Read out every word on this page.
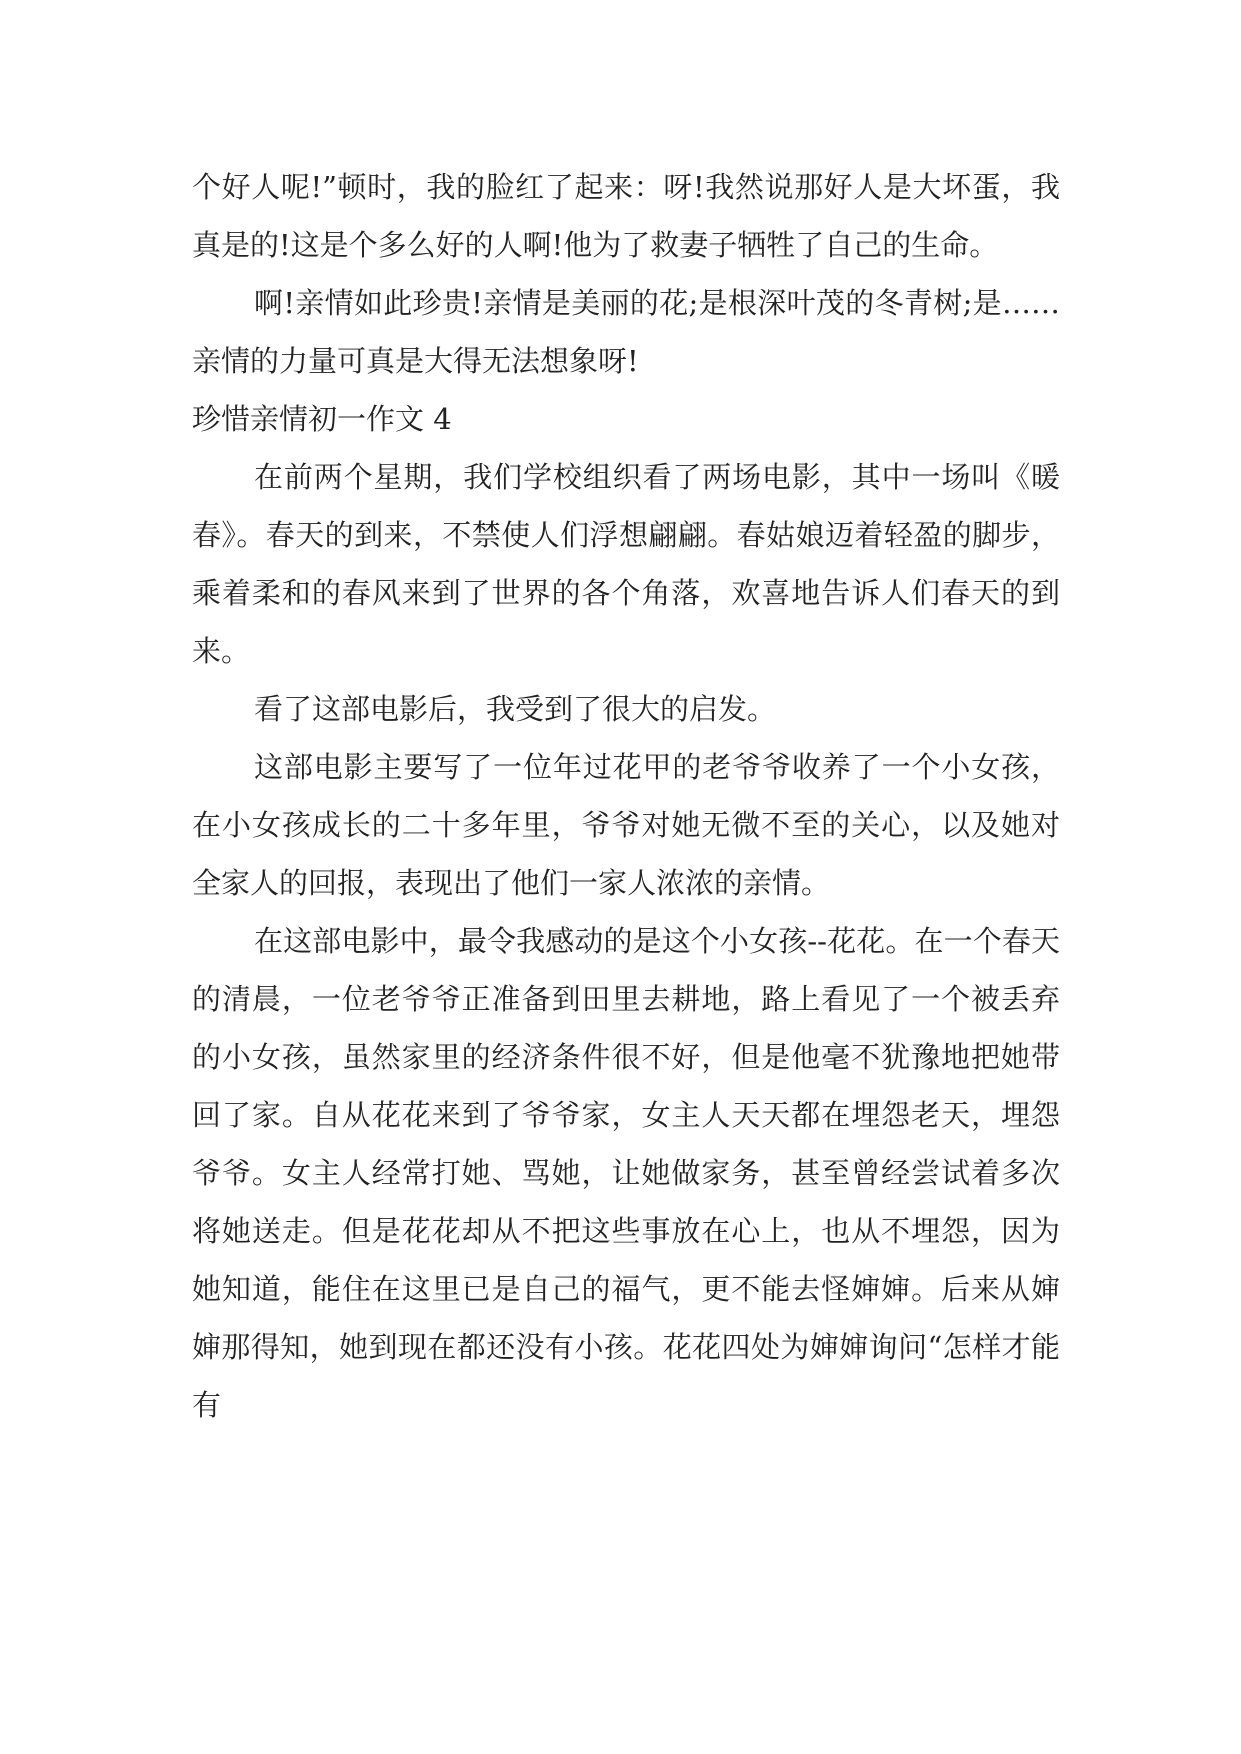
个好人呢!”顿时，我的脸红了起来：呀!我然说那好人是大坏蛋，我真是的!这是个多么好的人啊!他为了救妻子牺牲了自己的生命。

啊!亲情如此珍贵!亲情是美丽的花;是根深叶茂的冬青树;是……亲情的力量可真是大得无法想象呀!

珍惜亲情初一作文 4

在前两个星期，我们学校组织看了两场电影，其中一场叫《暖春》。春天的到来，不禁使人们浮想翩翩。春姑娘迈着轻盈的脚步，乘着柔和的春风来到了世界的各个角落，欢喜地告诉人们春天的到来。

看了这部电影后，我受到了很大的启发。

这部电影主要写了一位年过花甲的老爷爷收养了一个小女孩，在小女孩成长的二十多年里，爷爷对她无微不至的关心，以及她对全家人的回报，表现出了他们一家人浓浓的亲情。

在这部电影中，最令我感动的是这个小女孩--花花。在一个春天的清晨，一位老爷爷正准备到田里去耕地，路上看见了一个被丢弃的小女孩，虽然家里的经济条件很不好，但是他毫不犹豫地把她带回了家。自从花花来到了爷爷家，女主人天天都在埋怨老天，埋怨爷爷。女主人经常打她、骂她，让她做家务，甚至曾经尝试着多次将她送走。但是花花却从不把这些事放在心上，也从不埋怨，因为她知道，能住在这里已是自己的福气，更不能去怪婶婶。后来从婶婶那得知，她到现在都还没有小孩。花花四处为婶婶询问“怎样才能有
